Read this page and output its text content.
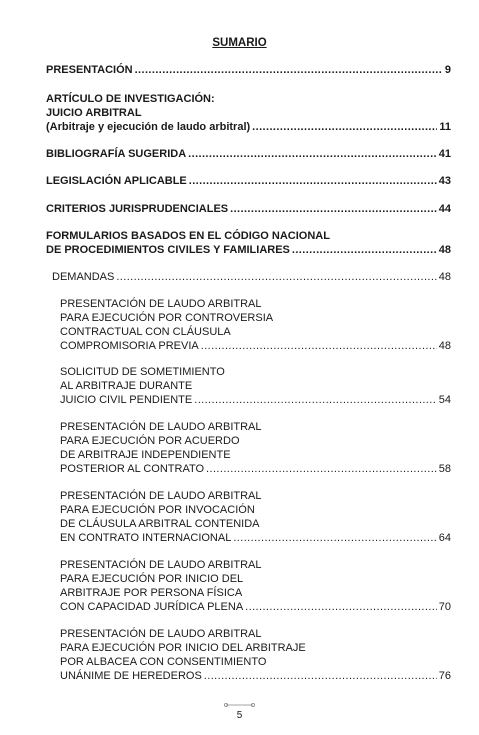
SUMARIO
PRESENTACIÓN .....	9
ARTÍCULO DE INVESTIGACIÓN:
JUICIO ARBITRAL
(Arbitraje y ejecución de laudo arbitral) .....	11
BIBLIOGRAFÍA SUGERIDA .....	41
LEGISLACIÓN APLICABLE .....	43
CRITERIOS JURISPRUDENCIALES .....	44
FORMULARIOS BASADOS EN EL CÓDIGO NACIONAL
DE PROCEDIMIENTOS CIVILES Y FAMILIARES .....	48
DEMANDAS .....	48
PRESENTACIÓN DE LAUDO ARBITRAL
PARA EJECUCIÓN POR CONTROVERSIA
CONTRACTUAL CON CLÁUSULA
COMPROMISORIA PREVIA .....	48
SOLICITUD DE SOMETIMIENTO
AL ARBITRAJE DURANTE
JUICIO CIVIL PENDIENTE .....	54
PRESENTACIÓN DE LAUDO ARBITRAL
PARA EJECUCIÓN POR ACUERDO
DE ARBITRAJE INDEPENDIENTE
POSTERIOR AL CONTRATO .....	58
PRESENTACIÓN DE LAUDO ARBITRAL
PARA EJECUCIÓN POR INVOCACIÓN
DE CLÁUSULA ARBITRAL CONTENIDA
EN CONTRATO INTERNACIONAL .....	64
PRESENTACIÓN DE LAUDO ARBITRAL
PARA EJECUCIÓN POR INICIO DEL
ARBITRAJE POR PERSONA FÍSICA
CON CAPACIDAD JURÍDICA PLENA .....	70
PRESENTACIÓN DE LAUDO ARBITRAL
PARA EJECUCIÓN POR INICIO DEL ARBITRAJE
POR ALBACEA CON CONSENTIMIENTO
UNÁNIME DE HEREDEROS .....	76
5
